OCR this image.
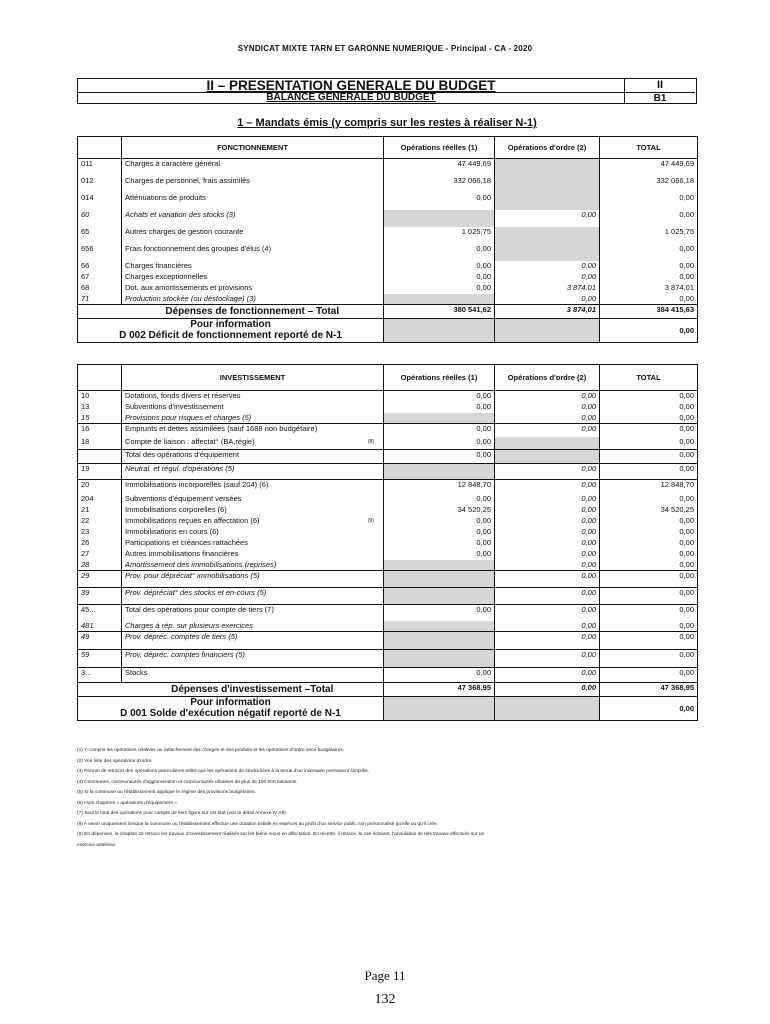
SYNDICAT MIXTE TARN ET GARONNE NUMERIQUE - Principal - CA - 2020
II – PRESENTATION GENERALE DU BUDGET
BALANCE GENERALE DU BUDGET
II
B1
1 – Mandats émis (y compris sur les restes à réaliser N-1)
	FONCTIONNEMENT	Opérations réelles (1)	Opérations d'ordre (2)	TOTAL
011	Charges à caractère général	47 449,69		47 449,69
012	Charges de personnel, frais assimilés	332 066,18		332 066,18
014	Atténuations de produits	0,00		0,00
60	Achats et variation des stocks (3)		0,00	0,00
65	Autres charges de gestion courante	1 025,75		1 025,75
656	Frais fonctionnement des groupes d'élus (4)	0,00		0,00
66	Charges financières	0,00	0,00	0,00
67	Charges exceptionnelles	0,00	0,00	0,00
68	Dot. aux amortissements et provisions	0,00	3 874,01	3 874,01
71	Production stockée (ou déstockage) (3)		0,00	0,00
	Dépenses de fonctionnement – Total	380 541,62	3 874,01	384 415,63

Pour information
D 002 Déficit de fonctionnement reporté de N-1				0,00
	INVESTISSEMENT	Opérations réelles (1)	Opérations d'ordre (2)	TOTAL
10	Dotations, fonds divers et réserves	0,00	0,00	0,00
13	Subventions d'investissement	0,00	0,00	0,00
15	Provisions pour risques et charges (5)		0,00	0,00
16	Emprunts et dettes assimilées (sauf 1688 non budgétaire)	0,00	0,00	0,00
18	Compte de liaison : affectat° (BA,régie) (8)	0,00		0,00
	Total des opérations d'équipement	0,00		0,00
19	Neutral. et régul. d'opérations (5)		0,00	0,00
20	Immobilisations incorporelles (sauf 204) (6)	12 848,70	0,00	12 848,70
204	Subventions d'équipement versées	0,00	0,00	0,00
21	Immobilisations corporelles (6)	34 520,25	0,00	34 520,25
22	Immobilisations reçues en affectation (6) (9)	0,00	0,00	0,00
23	Immobilisations en cours (6)	0,00	0,00	0,00
26	Participations et créances rattachées	0,00	0,00	0,00
27	Autres immobilisations financières	0,00	0,00	0,00
28	Amortissement des immobilisations (reprises)		0,00	0,00
29	Prov. pour dépréciat° immobilisations (5)		0,00	0,00
39	Prov. dépréciat° des stocks et en-cours (5)		0,00	0,00
45...	Total des opérations pour compte de tiers (7)	0,00	0,00	0,00
481	Charges à rép. sur plusieurs exercices		0,00	0,00
49	Prov. dépréc. comptes de tiers (5)		0,00	0,00
59	Prov. dépréc. comptes financiers (5)		0,00	0,00
3...	Stocks	0,00	0,00	0,00
	Dépenses d'investissement –Total	47 368,95	0,00	47 368,95

Pour information
D 001 Solde d'exécution négatif reporté de N-1				0,00
(1) Y compris les opérations relatives au rattachement des charges et des produits et les opérations d'ordre semi-budgétaires.
(2) Voir liste des opérations d'ordre.
(3) Permet de retracer des opérations particulières telles que les opérations de stocks liées à la tenue d'un inventaire permanent simplifié.
(4) Communes, communautés d'agglomération et communautés urbaines de plus de 100 000 habitants.
(5) Si la commune ou l'établissement applique le régime des provisions budgétaires.
(6) Hors chapitres « opérations d'équipement ».
(7) Seul le total des opérations pour compte de tiers figure sur cet état (voir le détail Annexe IV A9).
(8) A servir uniquement lorsque la commune ou l'établissement effectue une dotation initiale en espèces au profit d'un service public non personnalisé qu'elle ou qu'il crée.
(9) En dépenses, le chapitre 22 retrace les travaux d'investissement réalisés sur les biens reçus en affectation. En recette, il retrace, le cas échéant, l'annulation de tels travaux effectués sur un
exercice antérieur.
Page 11
132
